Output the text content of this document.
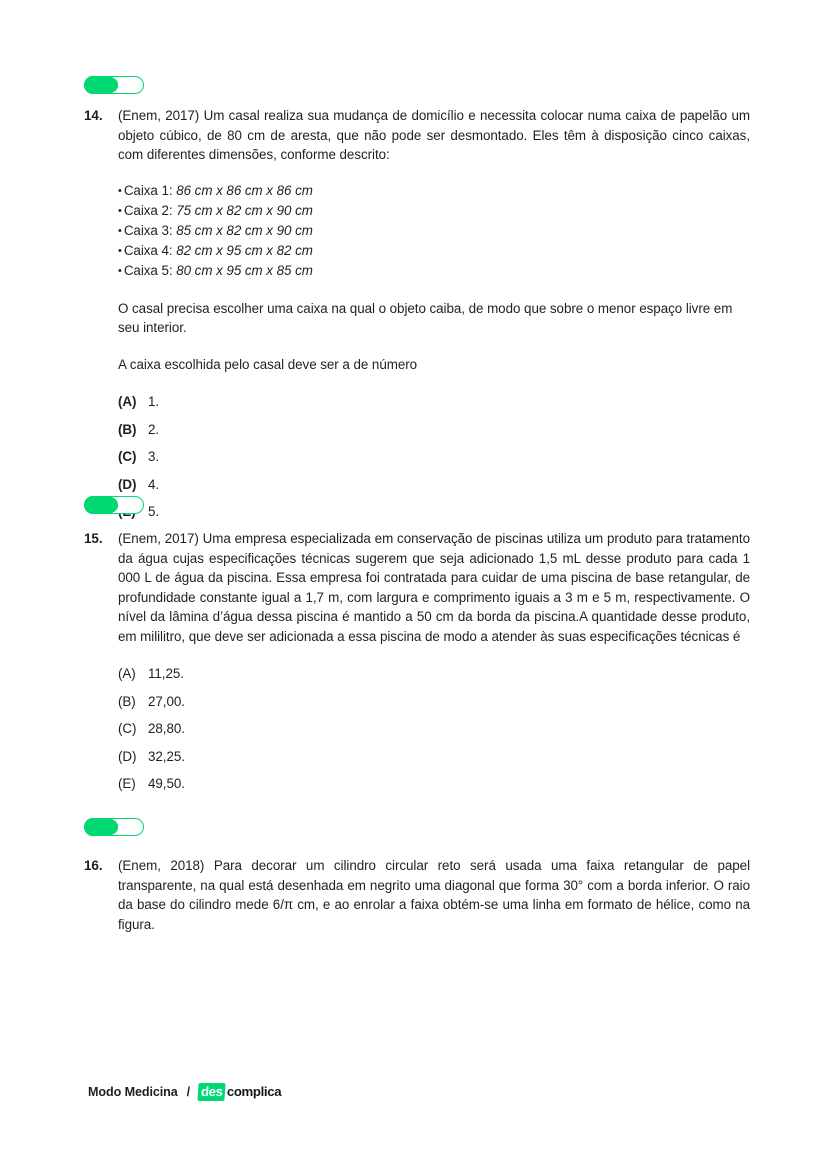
14.	(Enem, 2017) Um casal realiza sua mudança de domicílio e necessita colocar numa caixa de papelão um objeto cúbico, de 80 cm de aresta, que não pode ser desmontado. Eles têm à disposição cinco caixas, com diferentes dimensões, conforme descrito:

• Caixa 1: 86 cm x 86 cm x 86 cm
• Caixa 2: 75 cm x 82 cm x 90 cm
• Caixa 3: 85 cm x 82 cm x 90 cm
• Caixa 4: 82 cm x 95 cm x 82 cm
• Caixa 5: 80 cm x 95 cm x 85 cm

O casal precisa escolher uma caixa na qual o objeto caiba, de modo que sobre o menor espaço livre em seu interior.

A caixa escolhida pelo casal deve ser a de número

(A) 1.
(B) 2.
(C) 3.
(D) 4.
5.
15.	(Enem, 2017) Uma empresa especializada em conservação de piscinas utiliza um produto para tratamento da água cujas especificações técnicas sugerem que seja adicionado 1,5 mL desse produto para cada 1 000 L de água da piscina. Essa empresa foi contratada para cuidar de uma piscina de base retangular, de profundidade constante igual a 1,7 m, com largura e comprimento iguais a 3 m e 5 m, respectivamente. O nível da lâmina d’água dessa piscina é mantido a 50 cm da borda da piscina.A quantidade desse produto, em mililitro, que deve ser adicionada a essa piscina de modo a atender às suas especificações técnicas é

(A) 11,25.
(B) 27,00.
(C) 28,80.
(D) 32,25.
(E) 49,50.
16.	(Enem, 2018) Para decorar um cilindro circular reto será usada uma faixa retangular de papel transparente, na qual está desenhada em negrito uma diagonal que forma 30° com a borda inferior. O raio da base do cilindro mede 6/π cm, e ao enrolar a faixa obtém-se uma linha em formato de hélice, como na figura.

Modo Medicina / des complica
